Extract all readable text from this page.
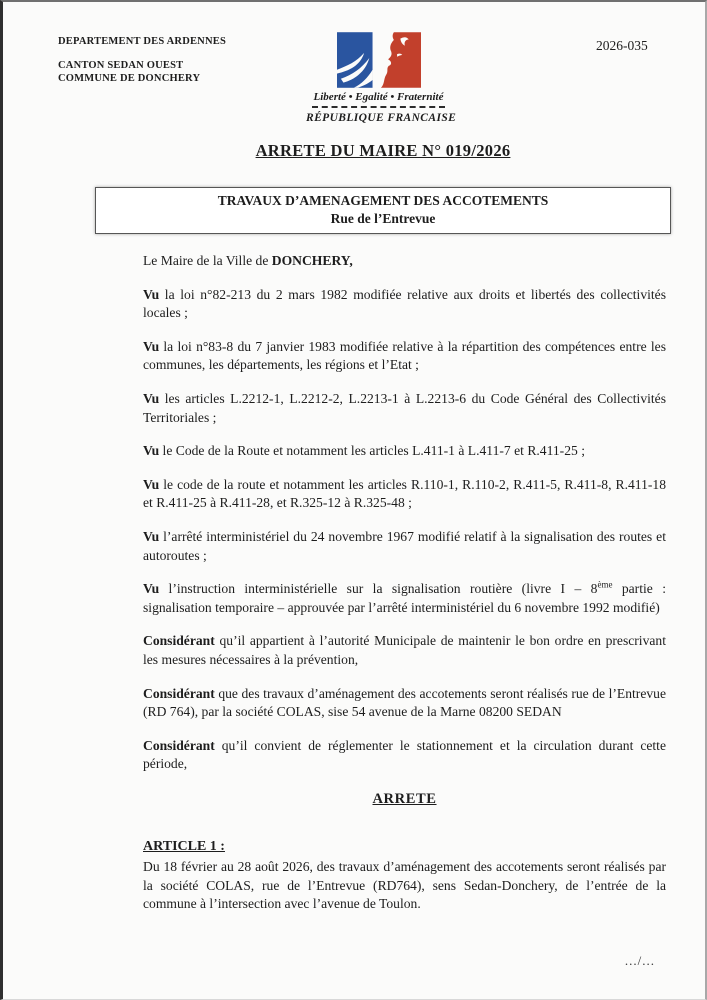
DEPARTEMENT DES ARDENNES
CANTON SEDAN OUEST
COMMUNE DE DONCHERY
Liberté • Egalité • Fraternité
RÉPUBLIQUE FRANCAISE
2026-035
ARRETE DU MAIRE N° 019/2026
TRAVAUX D’AMENAGEMENT DES ACCOTEMENTS
Rue de l’Entrevue

Le Maire de la Ville de DONCHERY,

Vu la loi n°82-213 du 2 mars 1982 modifiée relative aux droits et libertés des collectivités locales ;

Vu la loi n°83-8 du 7 janvier 1983 modifiée relative à la répartition des compétences entre les communes, les départements, les régions et l’Etat ;

Vu les articles L.2212-1, L.2212-2, L.2213-1 à L.2213-6 du Code Général des Collectivités Territoriales ;

Vu le Code de la Route et notamment les articles L.411-1 à L.411-7 et R.411-25 ;

Vu le code de la route et notamment les articles R.110-1, R.110-2, R.411-5, R.411-8, R.411-18 et R.411-25 à R.411-28, et R.325-12 à R.325-48 ;

Vu l’arrêté interministériel du 24 novembre 1967 modifié relatif à la signalisation des routes et autoroutes ;

Vu l’instruction interministérielle sur la signalisation routière (livre I – 8ème partie : signalisation temporaire – approuvée par l’arrêté interministériel du 6 novembre 1992 modifié)

Considérant qu’il appartient à l’autorité Municipale de maintenir le bon ordre en prescrivant les mesures nécessaires à la prévention,

Considérant que des travaux d’aménagement des accotements seront réalisés rue de l’Entrevue (RD 764), par la société COLAS, sise 54 avenue de la Marne 08200 SEDAN

Considérant qu’il convient de réglementer le stationnement et la circulation durant cette période,

ARRETE

ARTICLE 1 :

Du 18 février au 28 août 2026, des travaux d’aménagement des accotements seront réalisés par la société COLAS, rue de l’Entrevue (RD764), sens Sedan-Donchery, de l’entrée de la commune à l’intersection avec l’avenue de Toulon.

.../...
